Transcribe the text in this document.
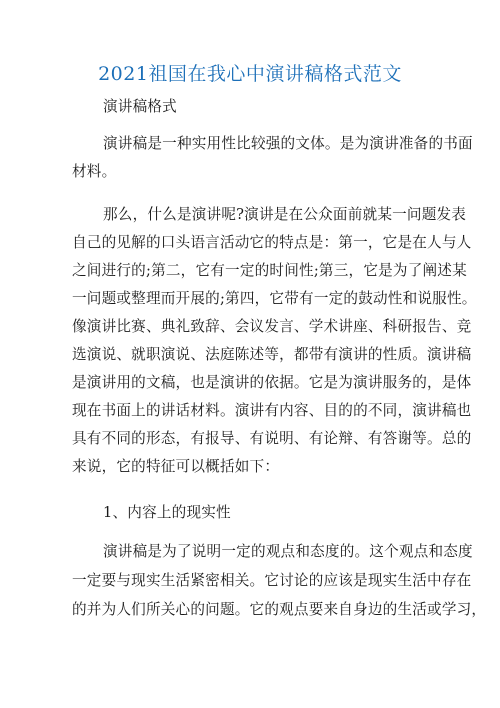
2021祖国在我心中演讲稿格式范文
演讲稿格式
演讲稿是一种实用性比较强的文体。是为演讲准备的书面
材料。
那么，什么是演讲呢?演讲是在公众面前就某一问题发表
自己的见解的口头语言活动它的特点是：第一，它是在人与人
之间进行的;第二，它有一定的时间性;第三，它是为了阐述某
一问题或整理而开展的;第四，它带有一定的鼓动性和说服性。
像演讲比赛、典礼致辞、会议发言、学术讲座、科研报告、竞
选演说、就职演说、法庭陈述等，都带有演讲的性质。演讲稿
是演讲用的文稿，也是演讲的依据。它是为演讲服务的，是体
现在书面上的讲话材料。演讲有内容、目的的不同，演讲稿也
具有不同的形态，有报导、有说明、有论辩、有答谢等。总的
来说，它的特征可以概括如下：
1、内容上的现实性
演讲稿是为了说明一定的观点和态度的。这个观点和态度
一定要与现实生活紧密相关。它讨论的应该是现实生活中存在
的并为人们所关心的问题。它的观点要来自身边的生活或学习，
